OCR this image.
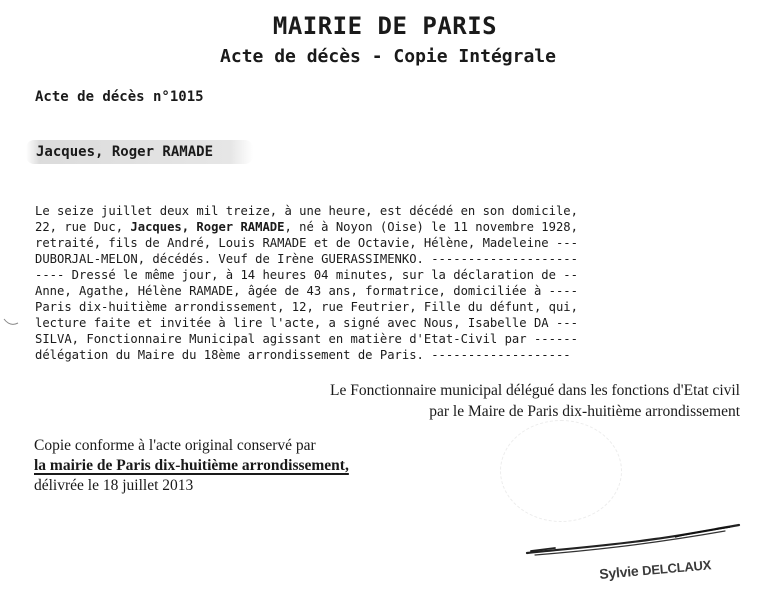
MAIRIE DE PARIS
Acte de décès - Copie Intégrale
Acte de décès n°1015
Jacques, Roger RAMADE
Le seize juillet deux mil treize, à une heure, est décédé en son domicile,
22, rue Duc, Jacques, Roger RAMADE, né à Noyon (Oise) le 11 novembre 1928,
retraité, fils de André, Louis RAMADE et de Octavie, Hélène, Madeleine ---
DUBORJAL-MELON, décédés. Veuf de Irène GUERASSIMENKO. --------------------
---- Dressé le même jour, à 14 heures 04 minutes, sur la déclaration de --
Anne, Agathe, Hélène RAMADE, âgée de 43 ans, formatrice, domiciliée à ----
Paris dix-huitième arrondissement, 12, rue Feutrier, Fille du défunt, qui,
lecture faite et invitée à lire l'acte, a signé avec Nous, Isabelle DA ---
SILVA, Fonctionnaire Municipal agissant en matière d'Etat-Civil par ------
délégation du Maire du 18ème arrondissement de Paris. -------------------
Le Fonctionnaire municipal délégué dans les fonctions d'Etat civil
par le Maire de Paris dix-huitième arrondissement
Copie conforme à l'acte original conservé par
la mairie de Paris dix-huitième arrondissement,
délivrée le 18 juillet 2013
Sylvie DELCLAUX
